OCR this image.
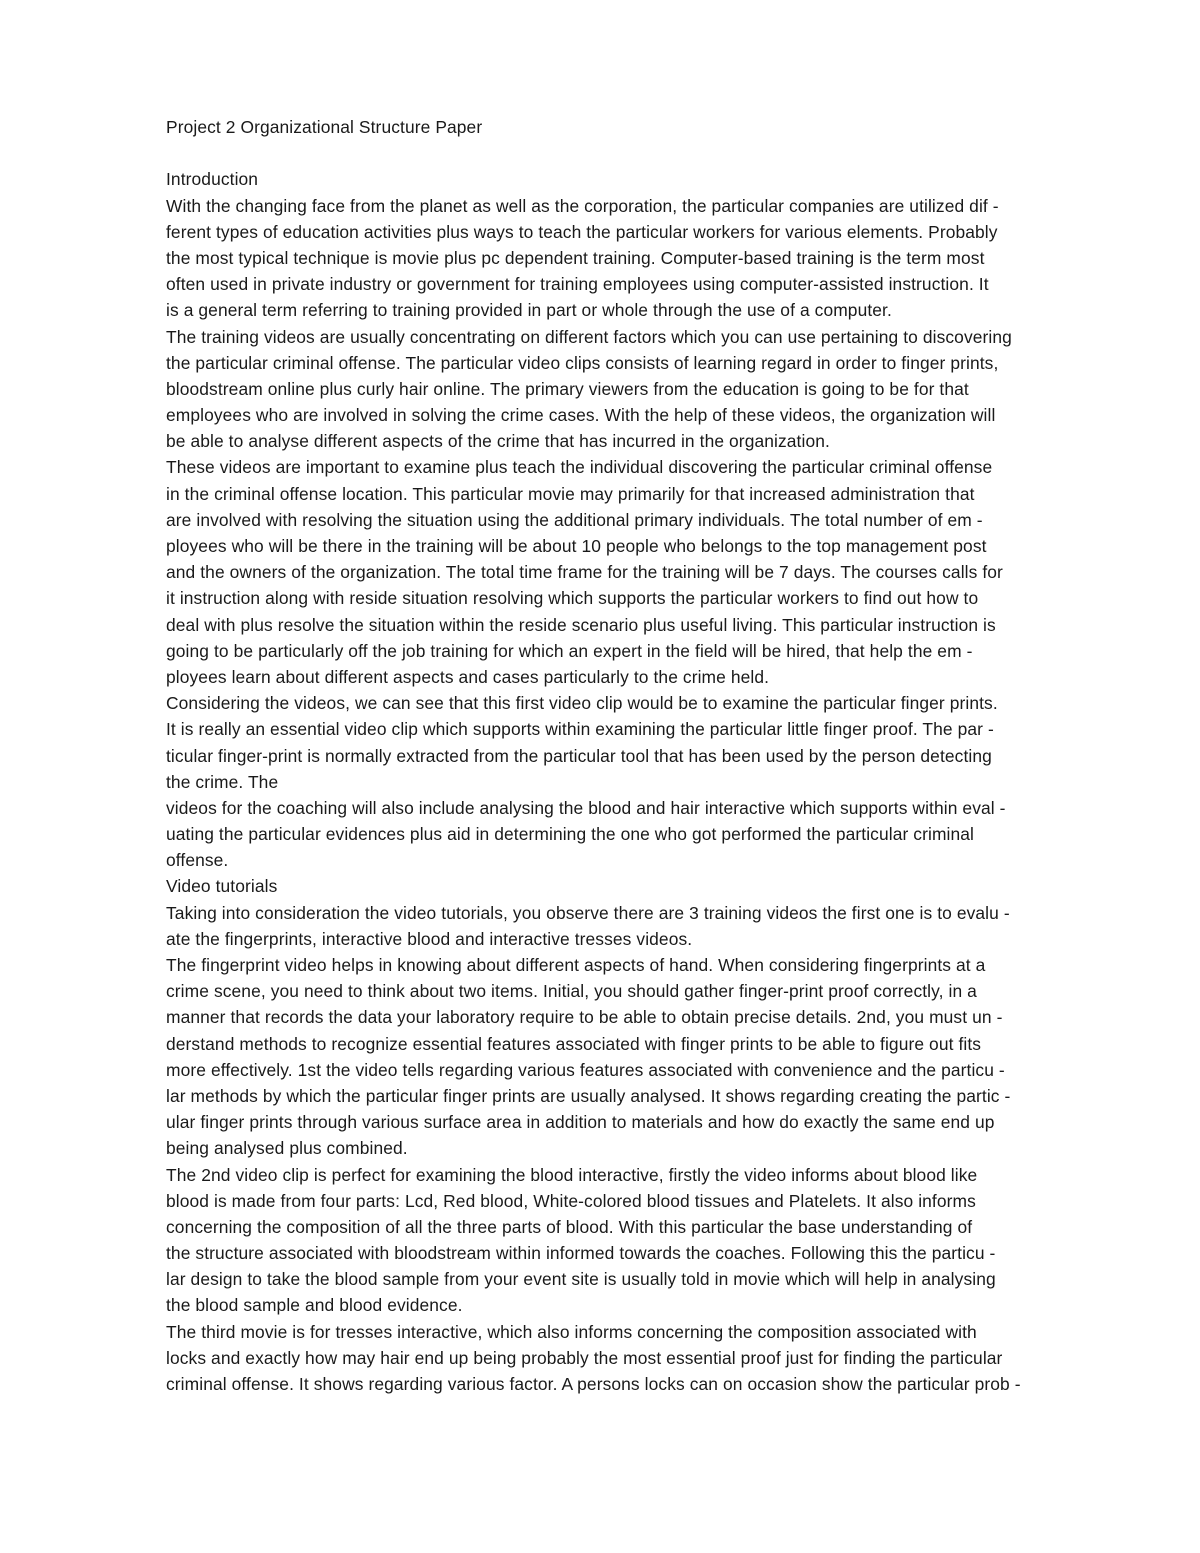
Project 2 Organizational Structure Paper
Introduction
With the changing face from the planet as well as the corporation, the particular companies are utilized dif -
ferent types of education activities plus ways to teach the particular workers for various elements. Probably
the most typical technique is movie plus pc dependent training. Computer-based training is the term most
often used in private industry or government for training employees using computer-assisted instruction. It
is a general term referring to training provided in part or whole through the use of a computer.
The training videos are usually concentrating on different factors which you can use pertaining to discovering
the particular criminal offense. The particular video clips consists of learning regard in order to finger prints,
bloodstream online plus curly hair online. The primary viewers from the education is going to be for that
employees who are involved in solving the crime cases. With the help of these videos, the organization will
be able to analyse different aspects of the crime that has incurred in the organization.
These videos are important to examine plus teach the individual discovering the particular criminal offense
in the criminal offense location. This particular movie may primarily for that increased administration that
are involved with resolving the situation using the additional primary individuals. The total number of em -
ployees who will be there in the training will be about 10 people who belongs to the top management post
and the owners of the organization. The total time frame for the training will be 7 days. The courses calls for
it instruction along with reside situation resolving which supports the particular workers to find out how to
deal with plus resolve the situation within the reside scenario plus useful living. This particular instruction is
going to be particularly off the job training for which an expert in the field will be hired, that help the em -
ployees learn about different aspects and cases particularly to the crime held.
Considering the videos, we can see that this first video clip would be to examine the particular finger prints.
It is really an essential video clip which supports within examining the particular little finger proof. The par -
ticular finger-print is normally extracted from the particular tool that has been used by the person detecting
the crime. The
videos for the coaching will also include analysing the blood and hair interactive which supports within eval -
uating the particular evidences plus aid in determining the one who got performed the particular criminal
offense.
Video tutorials
Taking into consideration the video tutorials, you observe there are 3 training videos the first one is to evalu -
ate the fingerprints, interactive blood and interactive tresses videos.
The fingerprint video helps in knowing about different aspects of hand. When considering fingerprints at a
crime scene, you need to think about two items. Initial, you should gather finger-print proof correctly, in a
manner that records the data your laboratory require to be able to obtain precise details. 2nd, you must un -
derstand methods to recognize essential features associated with finger prints to be able to figure out fits
more effectively. 1st the video tells regarding various features associated with convenience and the particu -
lar methods by which the particular finger prints are usually analysed. It shows regarding creating the partic -
ular finger prints through various surface area in addition to materials and how do exactly the same end up
being analysed plus combined.
The 2nd video clip is perfect for examining the blood interactive, firstly the video informs about blood like
blood is made from four parts: Lcd, Red blood, White-colored blood tissues and Platelets. It also informs
concerning the composition of all the three parts of blood. With this particular the base understanding of
the structure associated with bloodstream within informed towards the coaches. Following this the particu -
lar design to take the blood sample from your event site is usually told in movie which will help in analysing
the blood sample and blood evidence.
The third movie is for tresses interactive, which also informs concerning the composition associated with
locks and exactly how may hair end up being probably the most essential proof just for finding the particular
criminal offense. It shows regarding various factor. A persons locks can on occasion show the particular prob -
